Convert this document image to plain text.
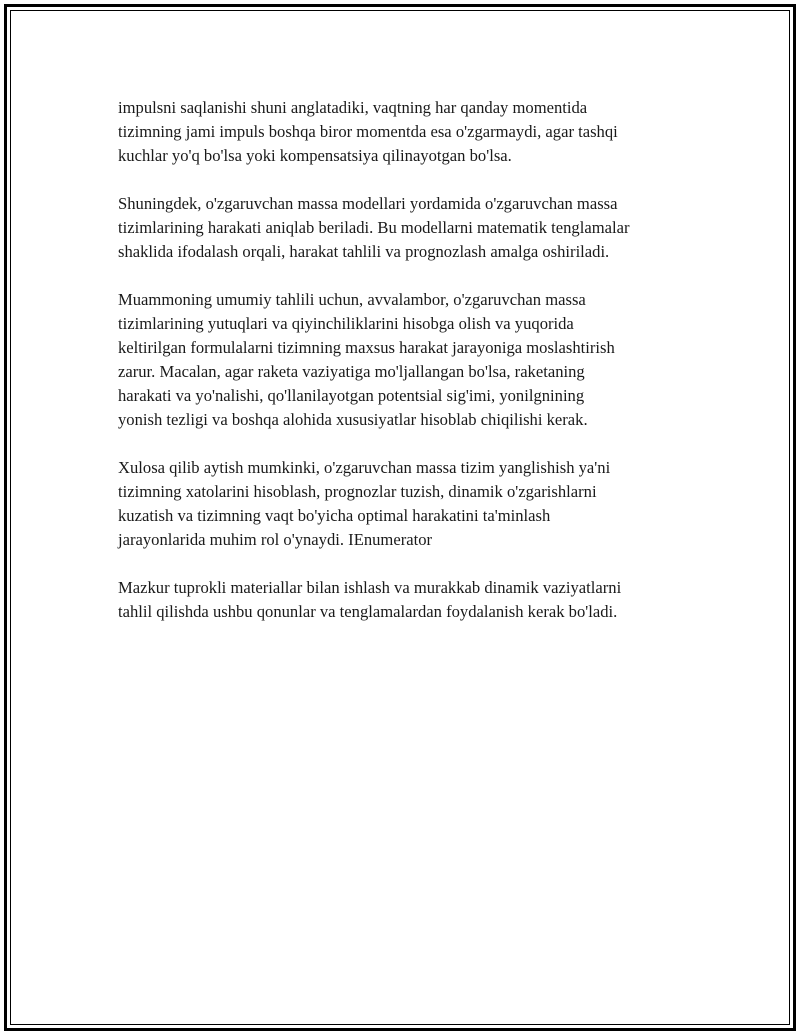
impulsni saqlanishi shuni anglatadiki, vaqtning har qanday momentida
tizimning jami impuls boshqa biror momentda esa o'zgarmaydi, agar tashqi
kuchlar yo'q bo'lsa yoki kompensatsiya qilinayotgan bo'lsa.

Shuningdek, o'zgaruvchan massa modellari yordamida o'zgaruvchan massa
tizimlarining harakati aniqlab beriladi. Bu modellarni matematik tenglamalar
shaklida ifodalash orqali, harakat tahlili va prognozlash amalga oshiriladi.

Muammoning umumiy tahlili uchun, avvalambor, o'zgaruvchan massa
tizimlarining yutuqlari va qiyinchiliklarini hisobga olish va yuqorida
keltirilgan formulalarni tizimning maxsus harakat jarayoniga moslashtirish
zarur. Macalan, agar raketa vaziyatiga mo'ljallangan bo'lsa, raketaning
harakati va yo'nalishi, qo'llanilayotgan potentsial sig'imi, yonilgnining
yonish tezligi va boshqa alohida xususiyatlar hisoblab chiqilishi kerak.

Xulosa qilib aytish mumkinki, o'zgaruvchan massa tizim yanglishish ya'ni
tizimning xatolarini hisoblash, prognozlar tuzish, dinamik o'zgarishlarni
kuzatish va tizimning vaqt bo'yicha optimal harakatini ta'minlash
jarayonlarida muhim rol o'ynaydi. IEnumerator

Mazkur tuprokli materiallar bilan ishlash va murakkab dinamik vaziyatlarni
tahlil qilishda ushbu qonunlar va tenglamalardan foydalanish kerak bo'ladi.
